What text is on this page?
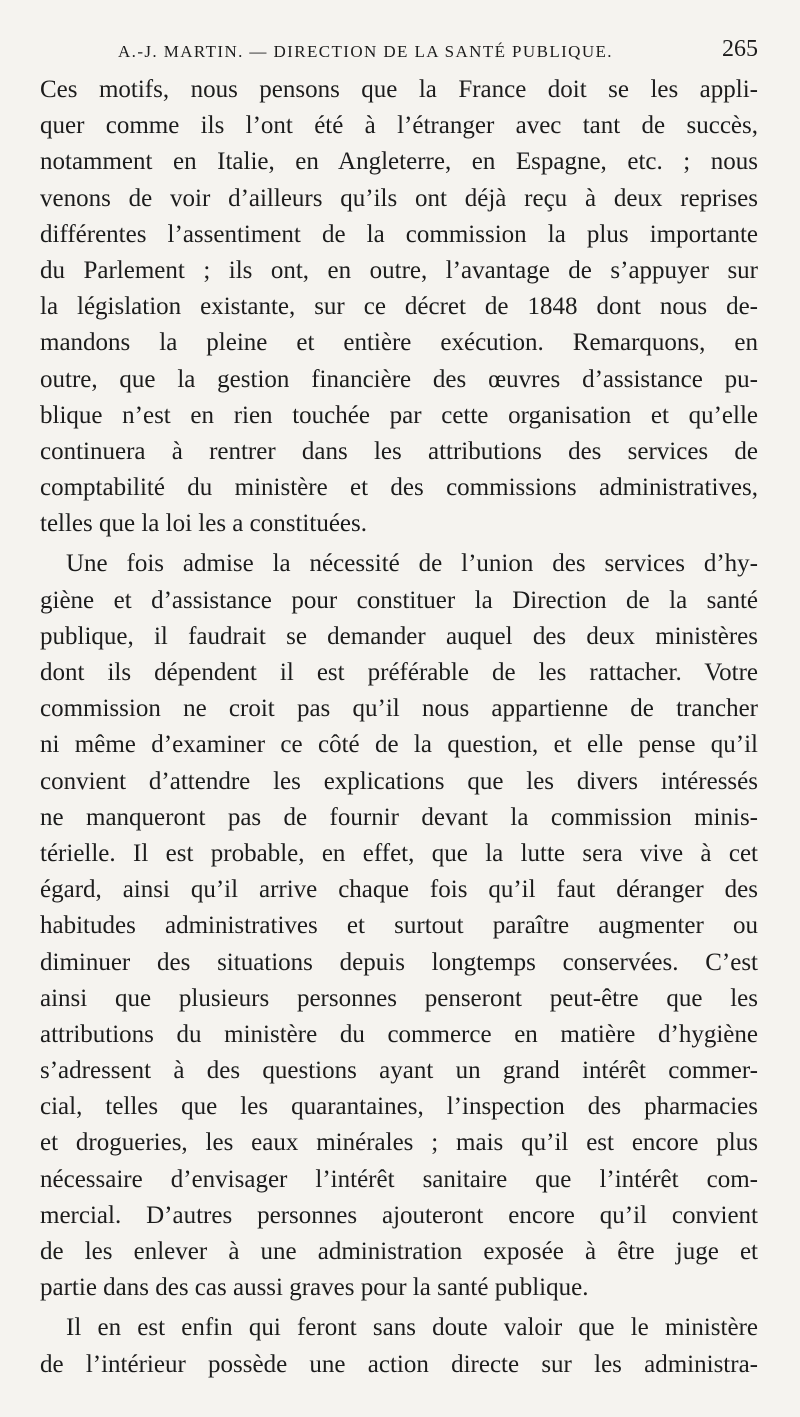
A.-J. MARTIN. — DIRECTION DE LA SANTÉ PUBLIQUE.	265
Ces motifs, nous pensons que la France doit se les appli-
quer comme ils l’ont été à l’étranger avec tant de succès,
notamment en Italie, en Angleterre, en Espagne, etc. ; nous
venons de voir d’ailleurs qu’ils ont déjà reçu à deux reprises
différentes l’assentiment de la commission la plus importante
du Parlement ; ils ont, en outre, l’avantage de s’appuyer sur
la législation existante, sur ce décret de 1848 dont nous de-
mandons la pleine et entière exécution. Remarquons, en
outre, que la gestion financière des œuvres d’assistance pu-
blique n’est en rien touchée par cette organisation et qu’elle
continuera à rentrer dans les attributions des services de
comptabilité du ministère et des commissions administratives,
telles que la loi les a constituées.
Une fois admise la nécessité de l’union des services d’hy-
giène et d’assistance pour constituer la Direction de la santé
publique, il faudrait se demander auquel des deux ministères
dont ils dépendent il est préférable de les rattacher. Votre
commission ne croit pas qu’il nous appartienne de trancher
ni même d’examiner ce côté de la question, et elle pense qu’il
convient d’attendre les explications que les divers intéressés
ne manqueront pas de fournir devant la commission minis-
térielle. Il est probable, en effet, que la lutte sera vive à cet
égard, ainsi qu’il arrive chaque fois qu’il faut déranger des
habitudes administratives et surtout paraître augmenter ou
diminuer des situations depuis longtemps conservées. C’est
ainsi que plusieurs personnes penseront peut-être que les
attributions du ministère du commerce en matière d’hygiène
s’adressent à des questions ayant un grand intérêt commer-
cial, telles que les quarantaines, l’inspection des pharmacies
et drogueries, les eaux minérales ; mais qu’il est encore plus
nécessaire d’envisager l’intérêt sanitaire que l’intérêt com-
mercial. D’autres personnes ajouteront encore qu’il convient
de les enlever à une administration exposée à être juge et
partie dans des cas aussi graves pour la santé publique.
Il en est enfin qui feront sans doute valoir que le ministère
de l’intérieur possède une action directe sur les administra-
